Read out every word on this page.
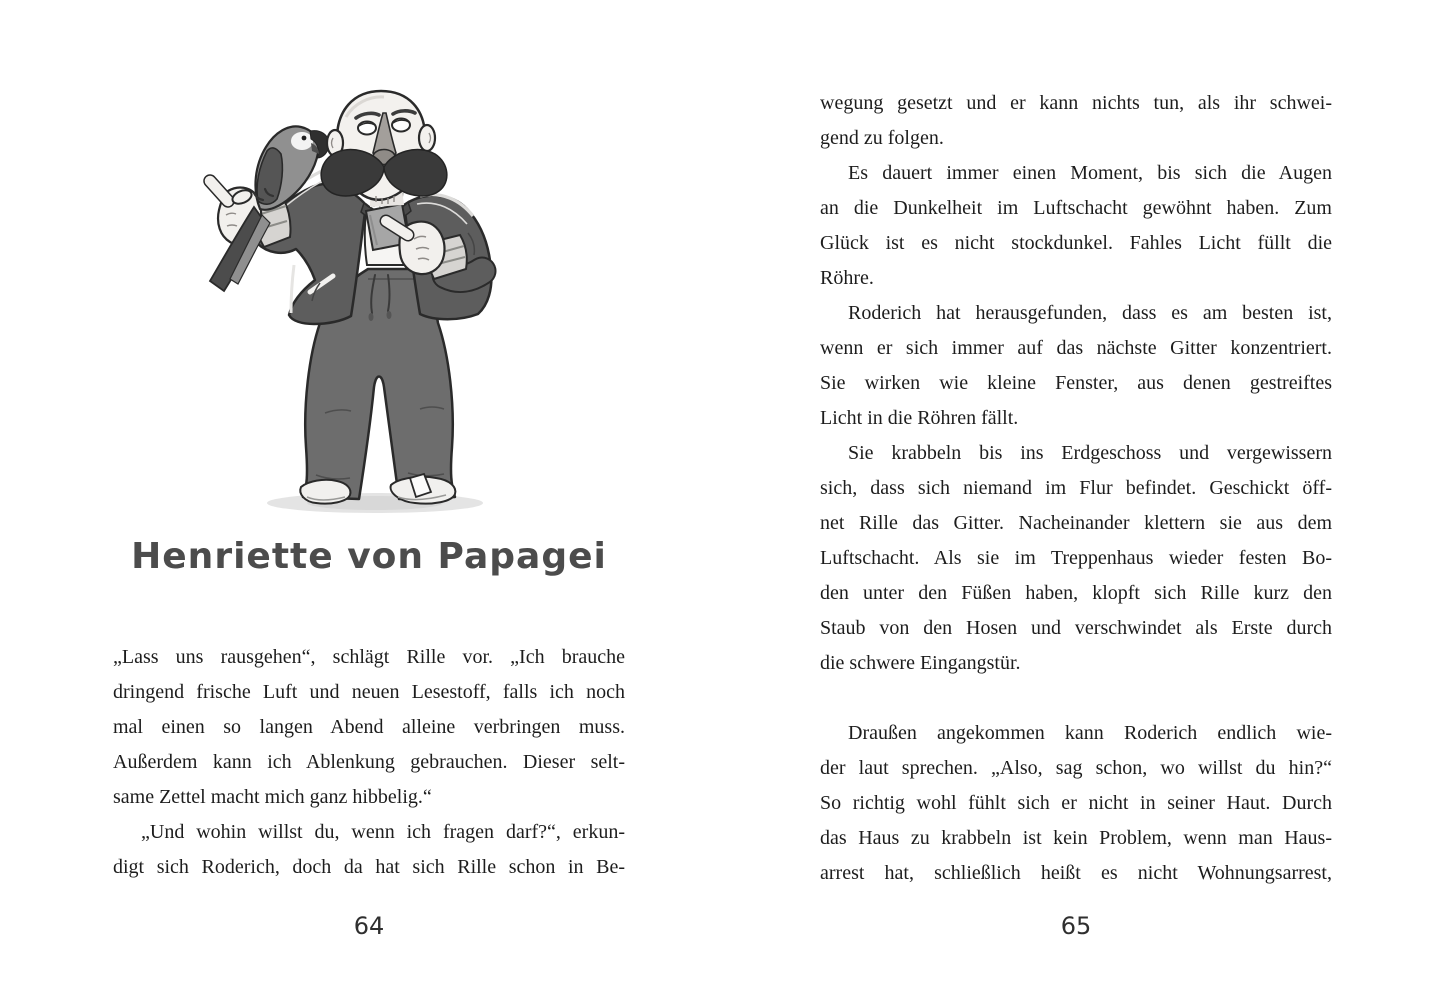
Henriette von Papagei
„Lass uns rausgehen“, schlägt Rille vor. „Ich brauche
dringend frische Luft und neuen Lesestoff, falls ich noch
mal einen so langen Abend alleine verbringen muss.
Außerdem kann ich Ablenkung gebrauchen. Dieser selt-
same Zettel macht mich ganz hibbelig.“
„Und wohin willst du, wenn ich fragen darf?“, erkun-
digt sich Roderich, doch da hat sich Rille schon in Be-
64
wegung gesetzt und er kann nichts tun, als ihr schwei-
gend zu folgen.
Es dauert immer einen Moment, bis sich die Augen
an die Dunkelheit im Luftschacht gewöhnt haben. Zum
Glück ist es nicht stockdunkel. Fahles Licht füllt die
Röhre.
Roderich hat herausgefunden, dass es am besten ist,
wenn er sich immer auf das nächste Gitter konzentriert.
Sie wirken wie kleine Fenster, aus denen gestreiftes
Licht in die Röhren fällt.
Sie krabbeln bis ins Erdgeschoss und vergewissern
sich, dass sich niemand im Flur befindet. Geschickt öff-
net Rille das Gitter. Nacheinander klettern sie aus dem
Luftschacht. Als sie im Treppenhaus wieder festen Bo-
den unter den Füßen haben, klopft sich Rille kurz den
Staub von den Hosen und verschwindet als Erste durch
die schwere Eingangstür.

Draußen angekommen kann Roderich endlich wie-
der laut sprechen. „Also, sag schon, wo willst du hin?“
So richtig wohl fühlt sich er nicht in seiner Haut. Durch
das Haus zu krabbeln ist kein Problem, wenn man Haus-
arrest hat, schließlich heißt es nicht Wohnungsarrest,
65
